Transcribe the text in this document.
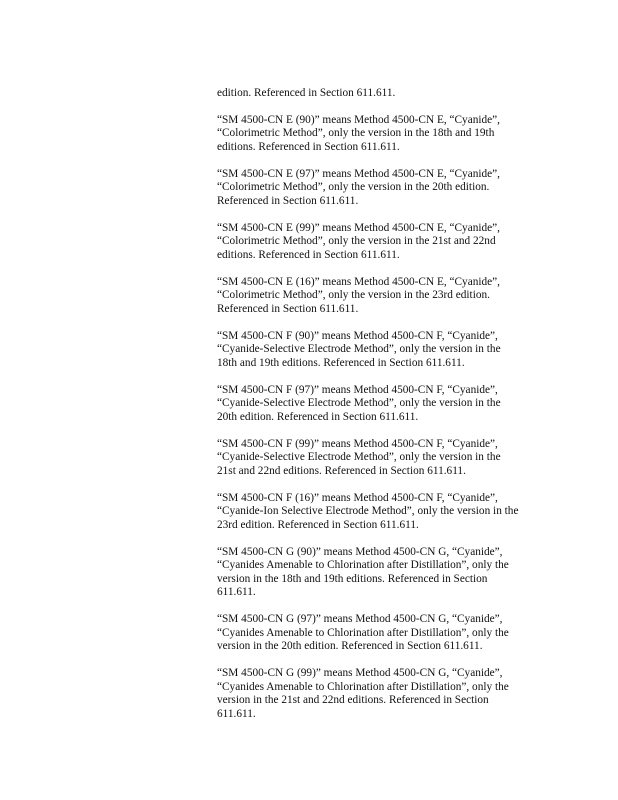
edition. Referenced in Section 611.611.

“SM 4500-CN E (90)” means Method 4500-CN E, “Cyanide”,
“Colorimetric Method”, only the version in the 18th and 19th
editions. Referenced in Section 611.611.

“SM 4500-CN E (97)” means Method 4500-CN E, “Cyanide”,
“Colorimetric Method”, only the version in the 20th edition.
Referenced in Section 611.611.

“SM 4500-CN E (99)” means Method 4500-CN E, “Cyanide”,
“Colorimetric Method”, only the version in the 21st and 22nd
editions. Referenced in Section 611.611.

“SM 4500-CN E (16)” means Method 4500-CN E, “Cyanide”,
“Colorimetric Method”, only the version in the 23rd edition.
Referenced in Section 611.611.

“SM 4500-CN F (90)” means Method 4500-CN F, “Cyanide”,
“Cyanide-Selective Electrode Method”, only the version in the
18th and 19th editions. Referenced in Section 611.611.

“SM 4500-CN F (97)” means Method 4500-CN F, “Cyanide”,
“Cyanide-Selective Electrode Method”, only the version in the
20th edition. Referenced in Section 611.611.

“SM 4500-CN F (99)” means Method 4500-CN F, “Cyanide”,
“Cyanide-Selective Electrode Method”, only the version in the
21st and 22nd editions. Referenced in Section 611.611.

“SM 4500-CN F (16)” means Method 4500-CN F, “Cyanide”,
“Cyanide-Ion Selective Electrode Method”, only the version in the
23rd edition. Referenced in Section 611.611.

“SM 4500-CN G (90)” means Method 4500-CN G, “Cyanide”,
“Cyanides Amenable to Chlorination after Distillation”, only the
version in the 18th and 19th editions. Referenced in Section
611.611.

“SM 4500-CN G (97)” means Method 4500-CN G, “Cyanide”,
“Cyanides Amenable to Chlorination after Distillation”, only the
version in the 20th edition. Referenced in Section 611.611.

“SM 4500-CN G (99)” means Method 4500-CN G, “Cyanide”,
“Cyanides Amenable to Chlorination after Distillation”, only the
version in the 21st and 22nd editions. Referenced in Section
611.611.
